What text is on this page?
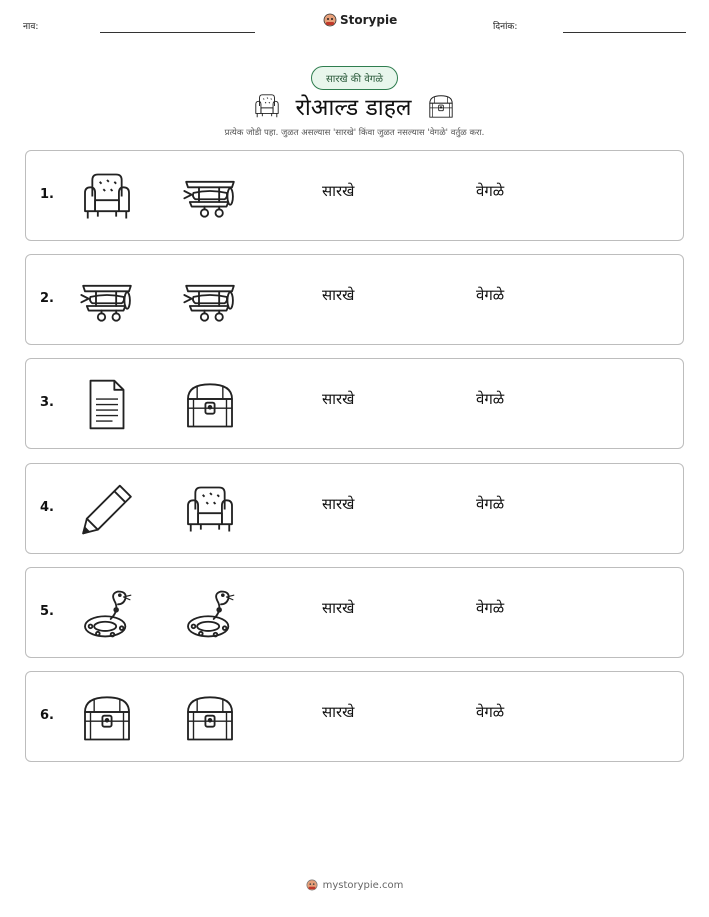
नाव:	Storypie	दिनांक:
सारखे की वेगळे
रोआल्ड डाहल
प्रत्येक जोडी पहा. जुळत असल्यास 'सारखे' किंवा जुळत नसल्यास 'वेगळे' वर्तुळ करा.
1.	सारखे	वेगळे
2.	सारखे	वेगळे
3.	सारखे	वेगळे
4.	सारखे	वेगळे
5.	सारखे	वेगळे
6.	सारखे	वेगळे
mystorypie.com
